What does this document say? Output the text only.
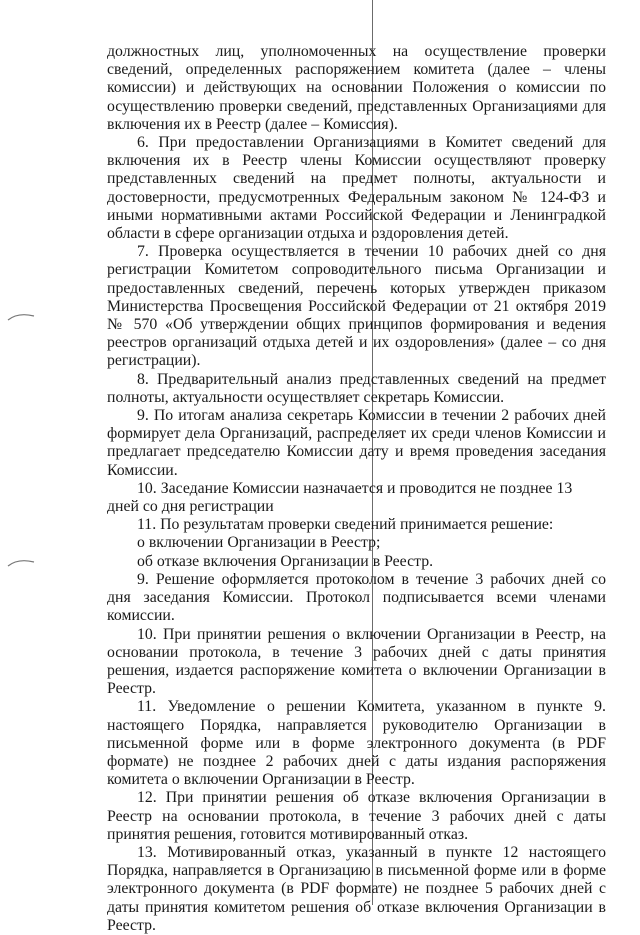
должностных лиц, уполномоченных на осуществление проверки сведений, определенных распоряжением комитета (далее – члены комиссии) и действующих на основании Положения о комиссии по осуществлению проверки сведений, представленных Организациями для включения их в Реестр (далее – Комиссия).

6. При предоставлении Организациями в Комитет сведений для включения их в Реестр члены Комиссии осуществляют проверку представленных сведений на предмет полноты, актуальности и достоверности, предусмотренных Федеральным законом № 124-ФЗ и иными нормативными актами Российской Федерации и Ленинградкой области в сфере организации отдыха и оздоровления детей.

7. Проверка осуществляется в течении 10 рабочих дней со дня регистрации Комитетом сопроводительного письма Организации и предоставленных сведений, перечень которых утвержден приказом Министерства Просвещения Российской Федерации от 21 октября 2019 № 570 «Об утверждении общих принципов формирования и ведения реестров организаций отдыха детей и их оздоровления» (далее – со дня регистрации).

8. Предварительный анализ представленных сведений на предмет полноты, актуальности осуществляет секретарь Комиссии.

9. По итогам анализа секретарь Комиссии в течении 2 рабочих дней формирует дела Организаций, распределяет их среди членов Комиссии и предлагает председателю Комиссии дату и время проведения заседания Комиссии.

10. Заседание Комиссии назначается и проводится не позднее 13 дней со дня регистрации

11. По результатам проверки сведений принимается решение:

о включении Организации в Реестр;

об отказе включения Организации в Реестр.

9. Решение оформляется протоколом в течение 3 рабочих дней со дня заседания Комиссии. Протокол подписывается всеми членами комиссии.

10. При принятии решения о включении Организации в Реестр, на основании протокола, в течение 3 рабочих дней с даты принятия решения, издается распоряжение комитета о включении Организации в Реестр.

11. Уведомление о решении Комитета, указанном в пункте 9. настоящего Порядка, направляется руководителю Организации в письменной форме или в форме электронного документа (в PDF формате) не позднее 2 рабочих дней с даты издания распоряжения комитета о включении Организации в Реестр.

12. При принятии решения об отказе включения Организации в Реестр на основании протокола, в течение 3 рабочих дней с даты принятия решения, готовится мотивированный отказ.

13. Мотивированный отказ, указанный в пункте 12 настоящего Порядка, направляется в Организацию в письменной форме или в форме электронного документа (в PDF формате) не позднее 5 рабочих дней с даты принятия комитетом решения об отказе включения Организации в Реестр.
